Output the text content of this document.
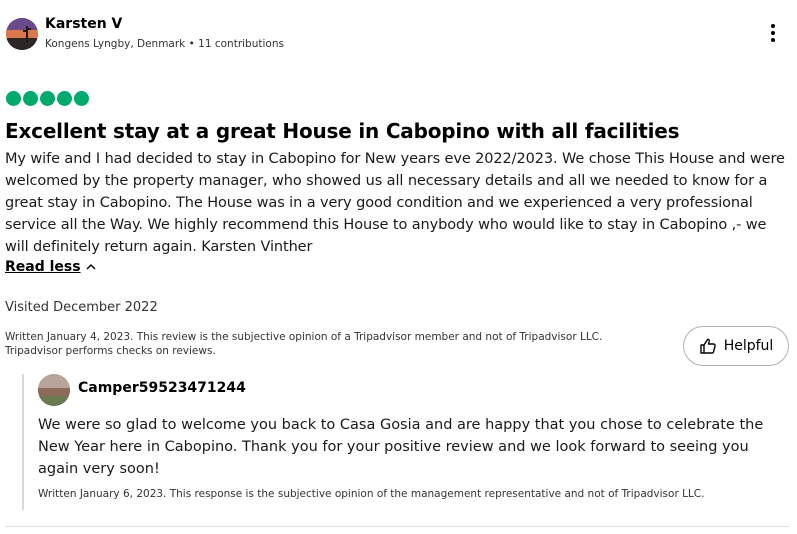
Karsten V
Kongens Lyngby, Denmark • 11 contributions
Excellent stay at a great House in Cabopino with all facilities
My wife and I had decided to stay in Cabopino for New years eve 2022/2023. We chose This House and were welcomed by the property manager, who showed us all necessary details and all we needed to know for a great stay in Cabopino. The House was in a very good condition and we experienced a very professional service all the Way. We highly recommend this House to anybody who would like to stay in Cabopino ,- we will definitely return again. Karsten Vinther
Read less
Visited December 2022
Written January 4, 2023. This review is the subjective opinion of a Tripadvisor member and not of Tripadvisor LLC. Tripadvisor performs checks on reviews.	Helpful
Camper59523471244
We were so glad to welcome you back to Casa Gosia and are happy that you chose to celebrate the New Year here in Cabopino. Thank you for your positive review and we look forward to seeing you again very soon!
Written January 6, 2023. This response is the subjective opinion of the management representative and not of Tripadvisor LLC.
